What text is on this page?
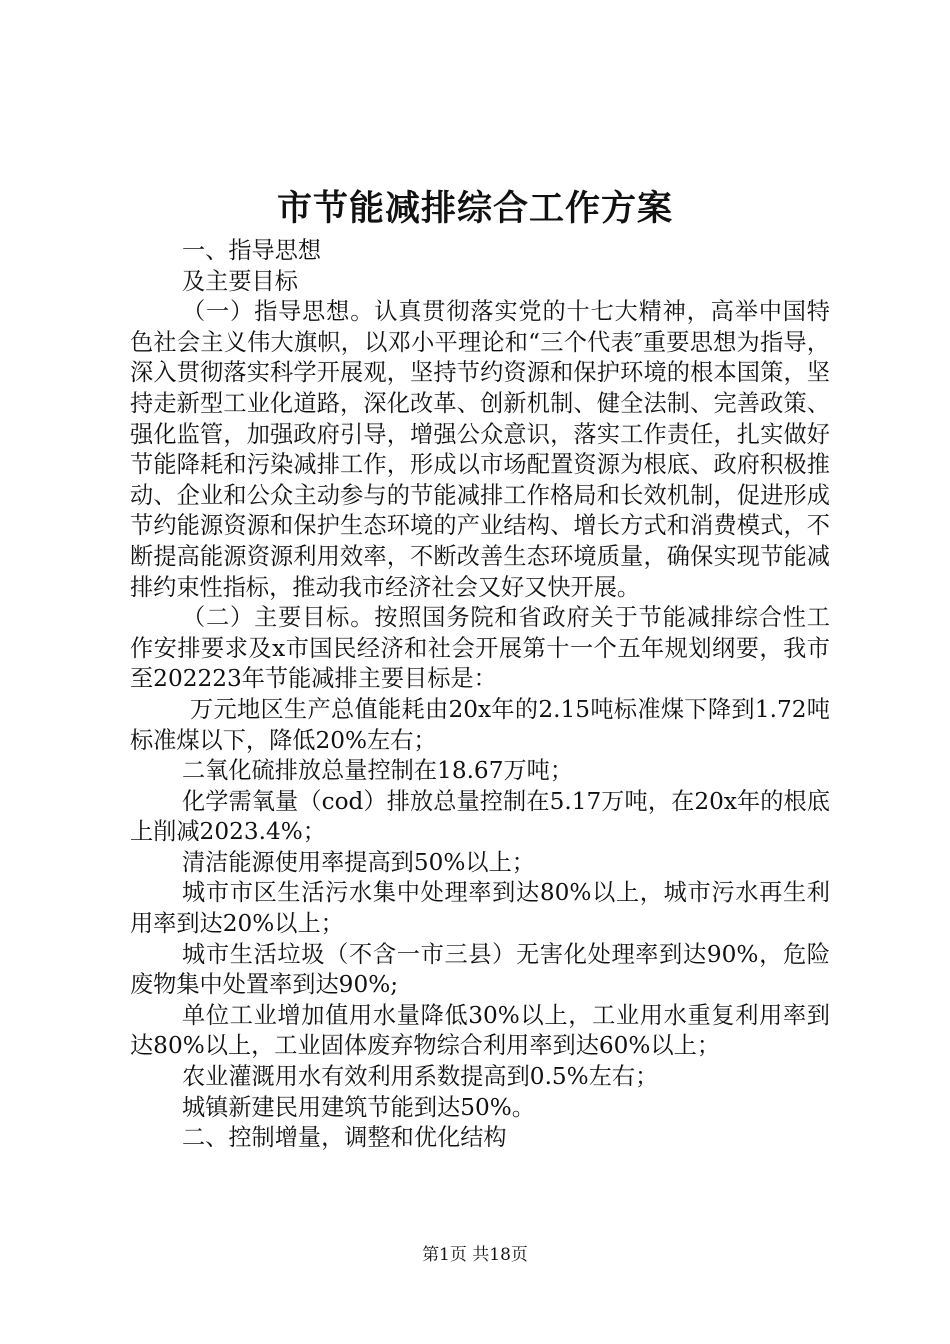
市节能减排综合工作方案

一、指导思想

及主要目标

（一）指导思想。认真贯彻落实党的十七大精神，高举中国特色社会主义伟大旗帜，以邓小平理论和“三个代表″重要思想为指导，深入贯彻落实科学开展观，坚持节约资源和保护环境的根本国策，坚持走新型工业化道路，深化改革、创新机制、健全法制、完善政策、强化监管，加强政府引导，增强公众意识，落实工作责任，扎实做好节能降耗和污染减排工作，形成以市场配置资源为根底、政府积极推动、企业和公众主动参与的节能减排工作格局和长效机制，促进形成节约能源资源和保护生态环境的产业结构、增长方式和消费模式，不断提高能源资源利用效率，不断改善生态环境质量，确保实现节能减排约束性指标，推动我市经济社会又好又快开展。

（二）主要目标。按照国务院和省政府关于节能减排综合性工作安排要求及x市国民经济和社会开展第十一个五年规划纲要，我市至202223年节能减排主要目标是：

万元地区生产总值能耗由20x年的2.15吨标准煤下降到1.72吨标准煤以下，降低20%左右；

二氧化硫排放总量控制在18.67万吨；

化学需氧量（cod）排放总量控制在5.17万吨，在20x年的根底上削减2023.4%；

清洁能源使用率提高到50%以上；

城市市区生活污水集中处理率到达80%以上，城市污水再生利用率到达20%以上；

城市生活垃圾（不含一市三县）无害化处理率到达90%，危险废物集中处置率到达90%;

单位工业增加值用水量降低30%以上，工业用水重复利用率到达80%以上，工业固体废弃物综合利用率到达60%以上；

农业灌溉用水有效利用系数提高到0.5%左右；

城镇新建民用建筑节能到达50%。

二、控制增量，调整和优化结构

第1页 共18页
